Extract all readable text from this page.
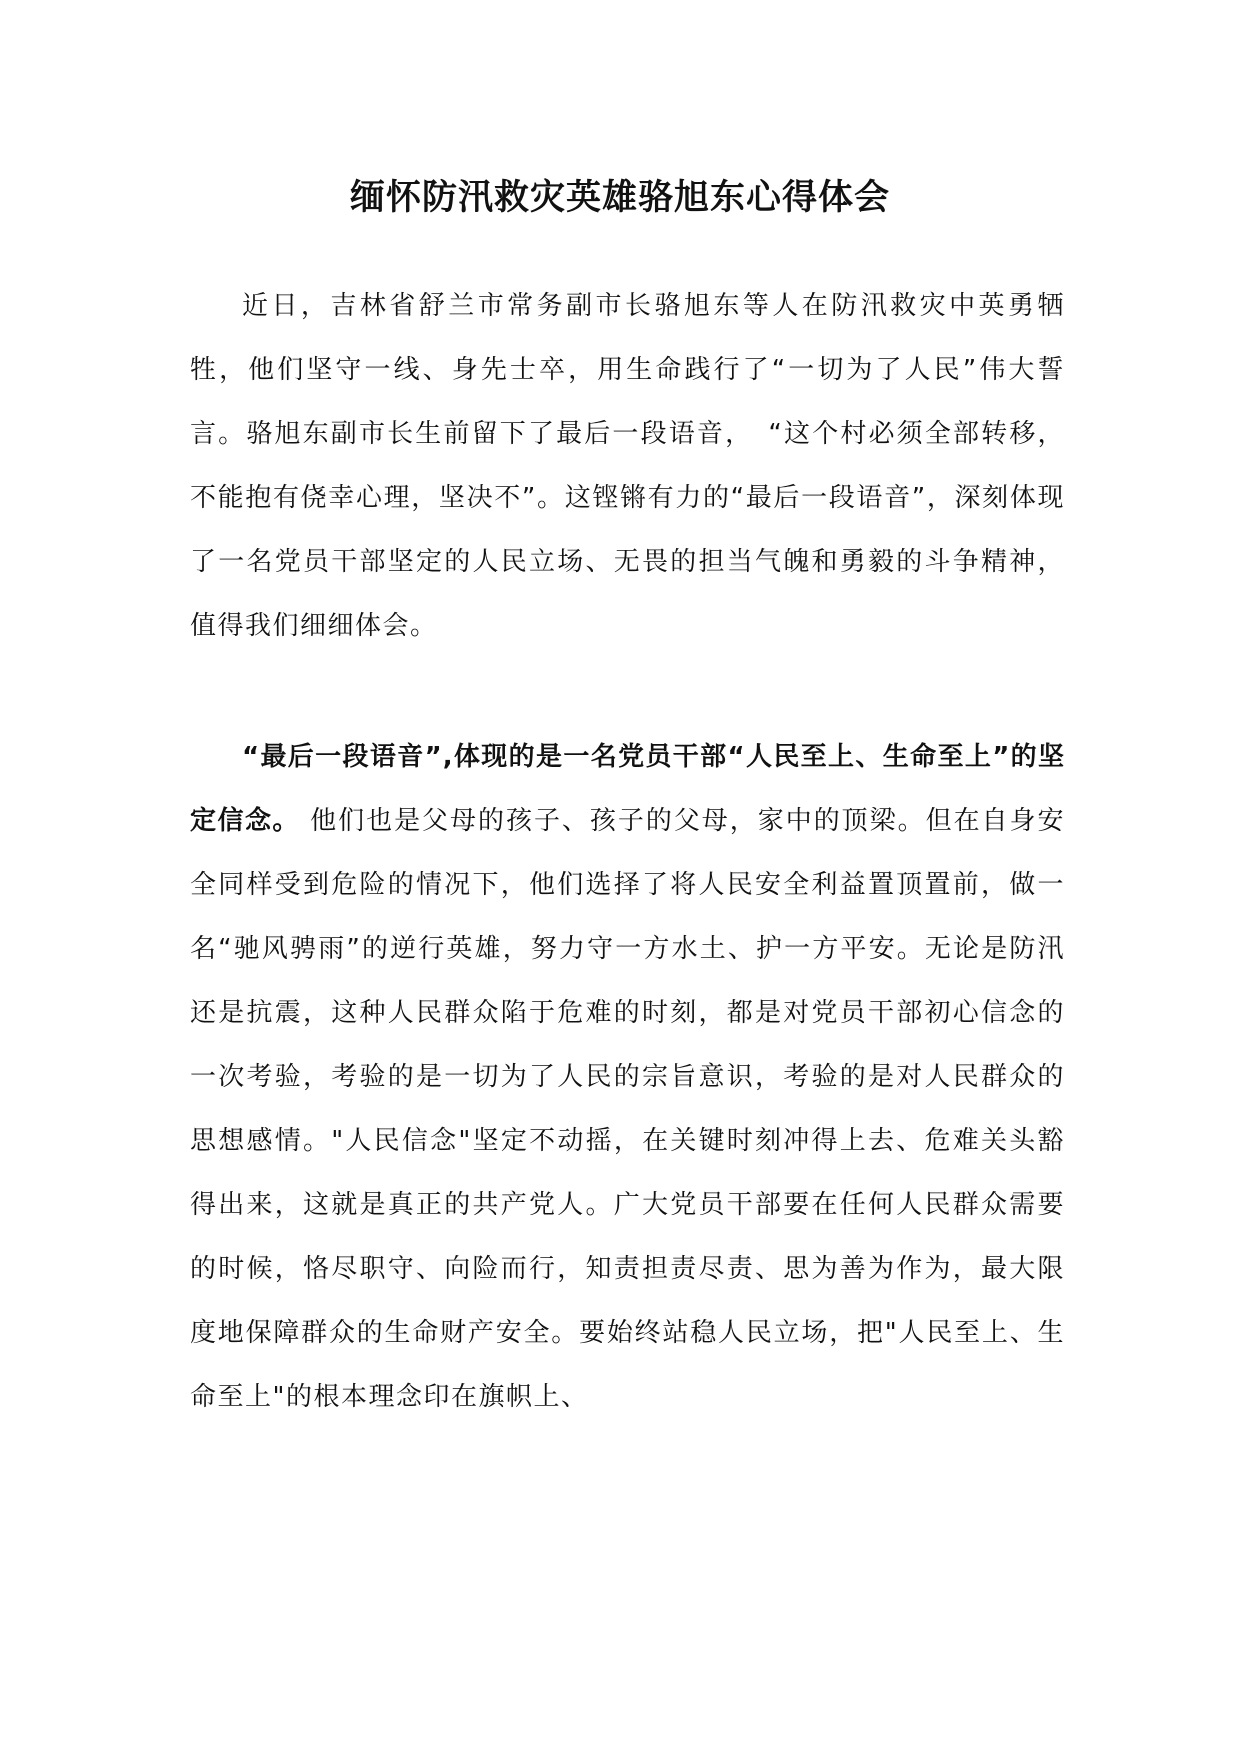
缅怀防汛救灾英雄骆旭东心得体会

近日，吉林省舒兰市常务副市长骆旭东等人在防汛救灾中英勇牺牲，他们坚守一线、身先士卒，用生命践行了“一切为了人民”伟大誓言。骆旭东副市长生前留下了最后一段语音，　“这个村必须全部转移，不能抱有侥幸心理，坚决不”。这铿锵有力的“最后一段语音”，深刻体现了一名党员干部坚定的人民立场、无畏的担当气魄和勇毅的斗争精神，值得我们细细体会。

“最后一段语音”,体现的是一名党员干部“人民至上、生命至上”的坚定信念。 他们也是父母的孩子、孩子的父母，家中的顶梁。但在自身安全同样受到危险的情况下，他们选择了将人民安全利益置顶置前，做一名“驰风骋雨”的逆行英雄，努力守一方水土、护一方平安。无论是防汛还是抗震，这种人民群众陷于危难的时刻，都是对党员干部初心信念的一次考验，考验的是一切为了人民的宗旨意识，考验的是对人民群众的思想感情。"人民信念"坚定不动摇，在关键时刻冲得上去、危难关头豁得出来，这就是真正的共产党人。广大党员干部要在任何人民群众需要的时候，恪尽职守、向险而行，知责担责尽责、思为善为作为，最大限度地保障群众的生命财产安全。要始终站稳人民立场，把"人民至上、生命至上"的根本理念印在旗帜上、
